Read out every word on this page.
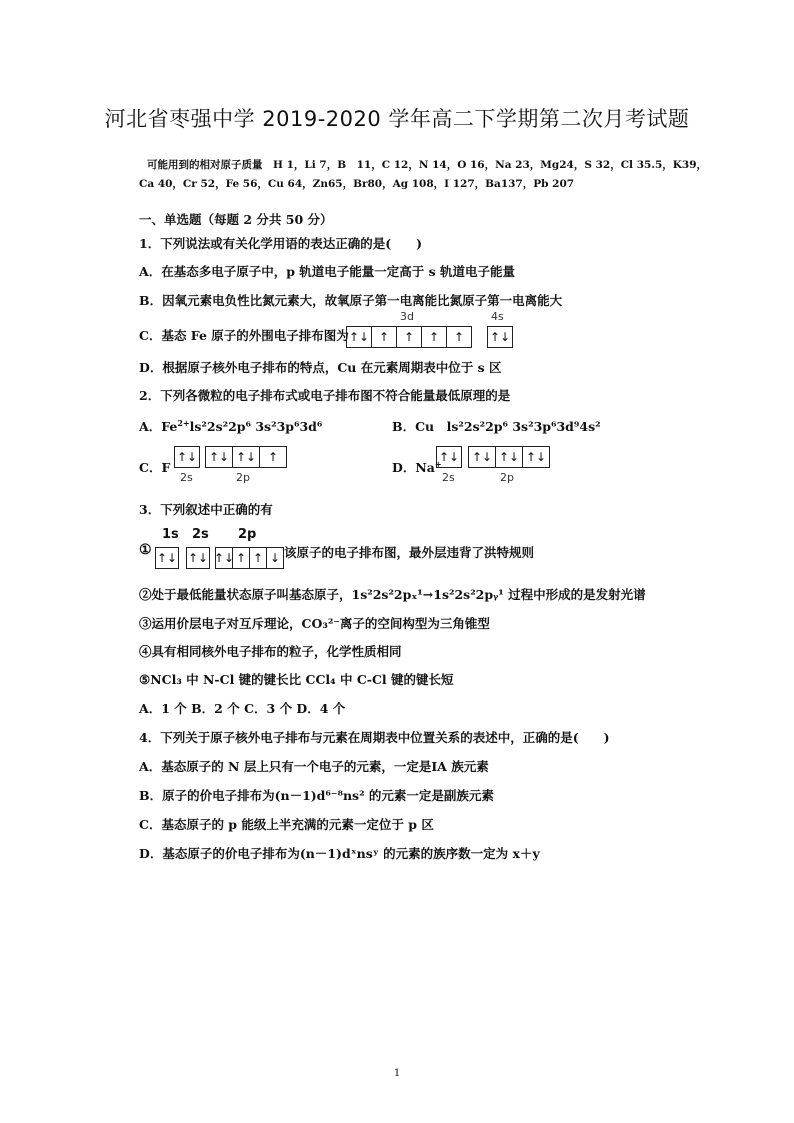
河北省枣强中学 2019-2020 学年高二下学期第二次月考试题
可能用到的相对原子质量　H 1，Li 7，B　11，C 12，N 14，O 16，Na 23，Mg24，S 32，Cl 35.5，K39，
Ca 40，Cr 52，Fe 56，Cu 64，Zn65，Br80，Ag 108，I 127，Ba137，Pb 207
一、单选题（每题 2 分共 50 分）
1．下列说法或有关化学用语的表达正确的是(　　)
A．在基态多电子原子中，p 轨道电子能量一定高于 s 轨道电子能量
B．因氧元素电负性比氮元素大，故氧原子第一电离能比氮原子第一电离能大
C．基态 Fe 原子的外围电子排布图为
3d	4s
↑↓ ↑	↑	↑	↑	↑↓
D．根据原子核外电子排布的特点，Cu 在元素周期表中位于 s 区
2．下列各微粒的电子排布式或电子排布图不符合能量最低原理的是
A．$Fe^{2+}ls^22s^22p^6$ 3s²3p⁶3d⁶	B．Cu　 ls²2s²2p⁶ 3s²3p⁶3d⁹4s²
C．F
↑↓ ↑↓ ↑↓ ↑
2s	2p
D．Na+
↑↓	↑↓ ↑↓ ↑↓
2s	2p
3．下列叙述中正确的有
①
1s 2s 2p
↑↓ ↑↓ ↑↓ ↑ ↑ ↓ 该原子的电子排布图，最外层违背了洪特规则
②处于最低能量状态原子叫基态原子，1s²2s²2pₓ¹→1s²2s²2pᵧ¹ 过程中形成的是发射光谱
③运用价层电子对互斥理论，CO₃²⁻离子的空间构型为三角锥型
④具有相同核外电子排布的粒子，化学性质相同
⑤NCl₃ 中 N-Cl 键的键长比 CCl₄ 中 C-Cl 键的键长短
A．1 个 B．2 个 C．3 个 D．4 个
4．下列关于原子核外电子排布与元素在周期表中位置关系的表述中，正确的是(　　)
A．基态原子的 N 层上只有一个电子的元素，一定是ⅠA 族元素
B．原子的价电子排布为(n－1)d⁶⁻⁸ns² 的元素一定是副族元素
C．基态原子的 p 能级上半充满的元素一定位于 p 区
D．基态原子的价电子排布为(n－1)dˣnsʸ 的元素的族序数一定为 x＋y
1
